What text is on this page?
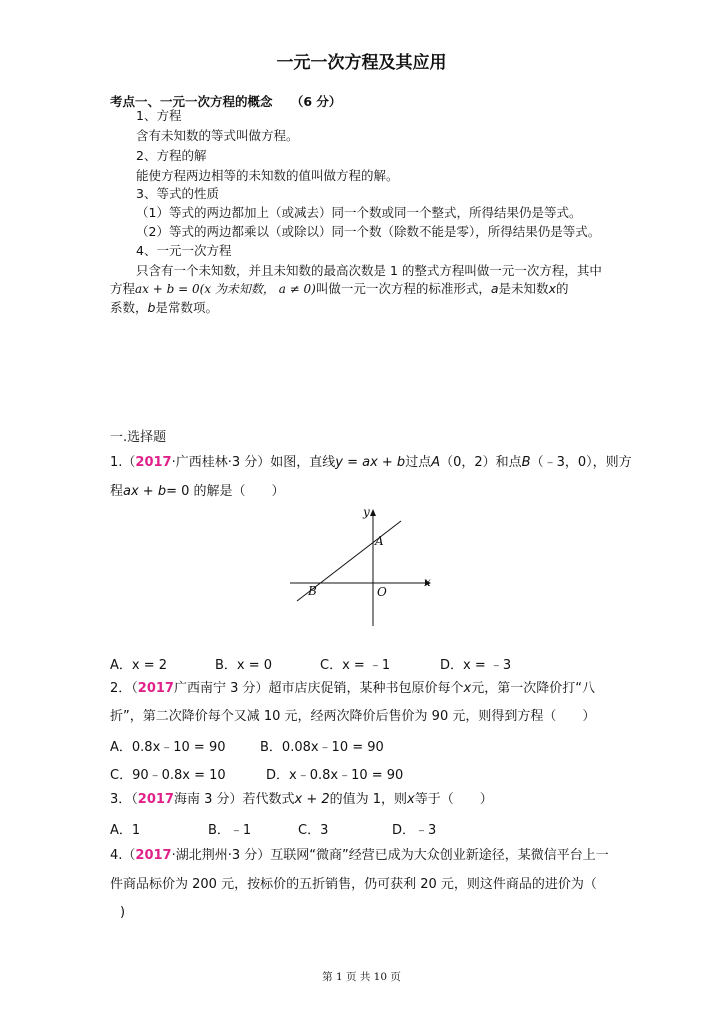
一元一次方程及其应用
考点一、一元一次方程的概念 （6 分）
1、方程
含有未知数的等式叫做方程。
2、方程的解
能使方程两边相等的未知数的值叫做方程的解。
3、等式的性质
（1）等式的两边都加上（或减去）同一个数或同一个整式，所得结果仍是等式。
（2）等式的两边都乘以（或除以）同一个数（除数不能是零），所得结果仍是等式。
4、一元一次方程
只含有一个未知数，并且未知数的最高次数是 1 的整式方程叫做一元一次方程，其中
方程ax + b = 0(x 为未知数， a ≠ 0)叫做一元一次方程的标准形式，a是未知数x的
系数，b是常数项。
一.选择题
1.（2017·广西桂林·3 分）如图，直线y = ax + b过点A（0，2）和点B（﹣3，0），则方
程ax + b= 0 的解是（　　）
y
x
A
B	O
A．x = 2	B．x = 0	C．x = ﹣1	D．x = ﹣3
2．（2017广西南宁 3 分）超市店庆促销，某种书包原价每个x元，第一次降价打“八
折”，第二次降价每个又减 10 元，经两次降价后售价为 90 元，则得到方程（　　）
A．0.8x﹣10 = 90	B．0.08x﹣10 = 90
C．90﹣0.8x = 10	D．x﹣0.8x﹣10 = 90
3．（2017海南 3 分）若代数式x + 2的值为 1，则x等于（　　）
A．1	B．﹣1	C．3	D．﹣3
4.（2017·湖北荆州·3 分）互联网“微商”经营已成为大众创业新途径，某微信平台上一
件商品标价为 200 元，按标价的五折销售，仍可获利 20 元，则这件商品的进价为（
)
第 1 页 共 10 页
